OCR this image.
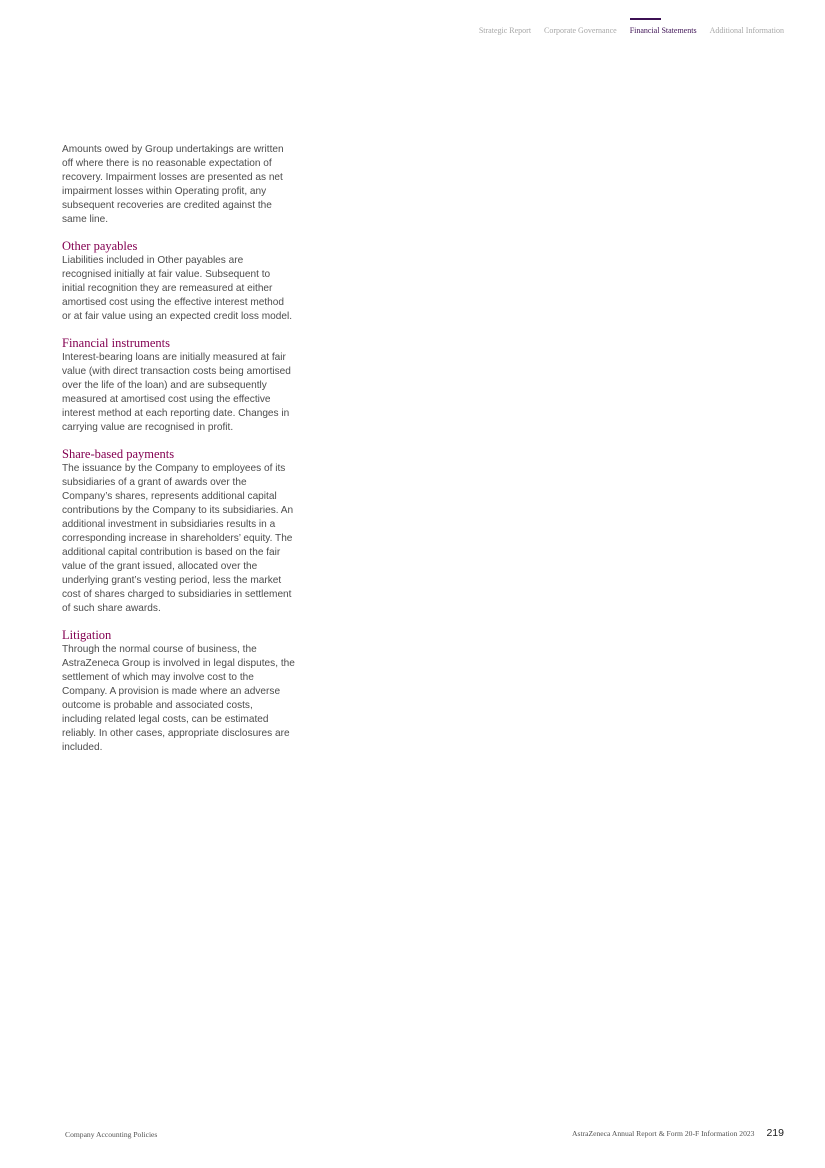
Strategic Report Corporate Governance Financial Statements Additional Information

Amounts owed by Group undertakings are written off where there is no reasonable expectation of recovery. Impairment losses are presented as net impairment losses within Operating profit, any subsequent recoveries are credited against the same line.

Other payables

Liabilities included in Other payables are recognised initially at fair value. Subsequent to initial recognition they are remeasured at either amortised cost using the effective interest method or at fair value using an expected credit loss model.

Financial instruments

Interest-bearing loans are initially measured at fair value (with direct transaction costs being amortised over the life of the loan) and are subsequently measured at amortised cost using the effective interest method at each reporting date. Changes in carrying value are recognised in profit.

Share-based payments

The issuance by the Company to employees of its subsidiaries of a grant of awards over the Company’s shares, represents additional capital contributions by the Company to its subsidiaries. An additional investment in subsidiaries results in a corresponding increase in shareholders’ equity. The additional capital contribution is based on the fair value of the grant issued, allocated over the underlying grant’s vesting period, less the market cost of shares charged to subsidiaries in settlement of such share awards.

Litigation

Through the normal course of business, the AstraZeneca Group is involved in legal disputes, the settlement of which may involve cost to the Company. A provision is made where an adverse outcome is probable and associated costs, including related legal costs, can be estimated reliably. In other cases, appropriate disclosures are included.

Company Accounting Policies	AstraZeneca Annual Report & Form 20-F Information 2023 219
